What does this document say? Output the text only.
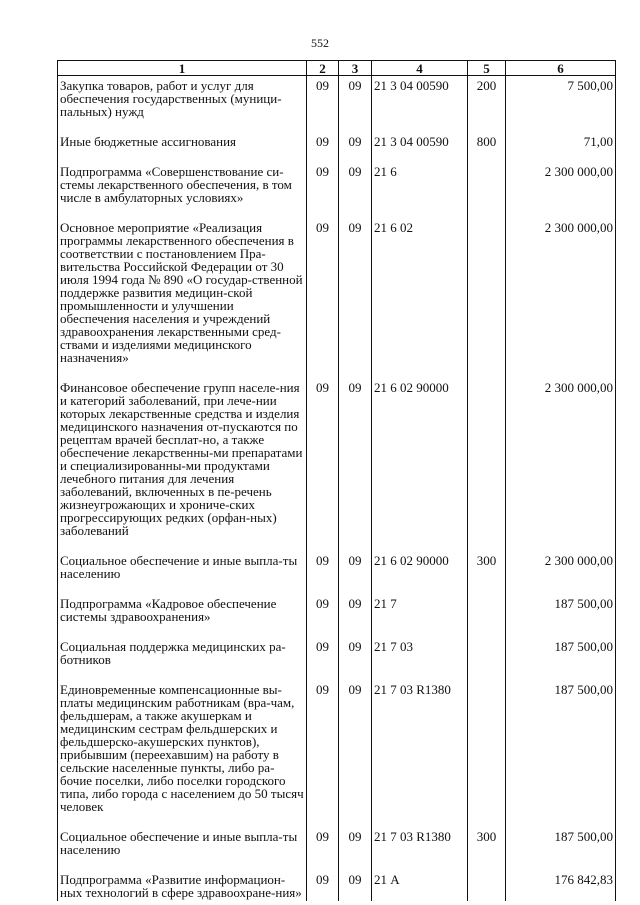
552
1	2	3	4	5	6
Закупка товаров, работ и услуг для обеспечения государственных (муници-пальных) нужд	09	09	21 3 04 00590	200	7 500,00
Иные бюджетные ассигнования	09	09	21 3 04 00590	800	71,00
Подпрограмма «Совершенствование си-стемы лекарственного обеспечения, в том числе в амбулаторных условиях»	09	09	21 6		2 300 000,00
Основное мероприятие «Реализация программы лекарственного обеспечения в соответствии с постановлением Пра-вительства Российской Федерации от 30 июля 1994 года № 890 «О государ-ственной поддержке развития медицин-ской промышленности и улучшении обеспечения населения и учреждений здравоохранения лекарственными сред-ствами и изделиями медицинского назначения»	09	09	21 6 02		2 300 000,00
Финансовое обеспечение групп населе-ния и категорий заболеваний, при лече-нии которых лекарственные средства и изделия медицинского назначения от-пускаются по рецептам врачей бесплат-но, а также обеспечение лекарственны-ми препаратами и специализированны-ми продуктами лечебного питания для лечения заболеваний, включенных в пе-речень жизнеугрожающих и хрониче-ских прогрессирующих редких (орфан-ных) заболеваний	09	09	21 6 02 90000		2 300 000,00
Социальное обеспечение и иные выпла-ты населению	09	09	21 6 02 90000	300	2 300 000,00
Подпрограмма «Кадровое обеспечение системы здравоохранения»	09	09	21 7		187 500,00
Социальная поддержка медицинских ра-ботников	09	09	21 7 03		187 500,00
Единовременные компенсационные вы-платы медицинским работникам (вра-чам, фельдшерам, а также акушеркам и медицинским сестрам фельдшерских и фельдшерско-акушерских пунктов), прибывшим (переехавшим) на работу в сельские населенные пункты, либо ра-бочие поселки, либо поселки городского типа, либо города с населением до 50 тысяч человек	09	09	21 7 03 R1380		187 500,00
Социальное обеспечение и иные выпла-ты населению	09	09	21 7 03 R1380	300	187 500,00
Подпрограмма «Развитие информацион-ных технологий в сфере здравоохране-ния»	09	09	21 А		176 842,83
